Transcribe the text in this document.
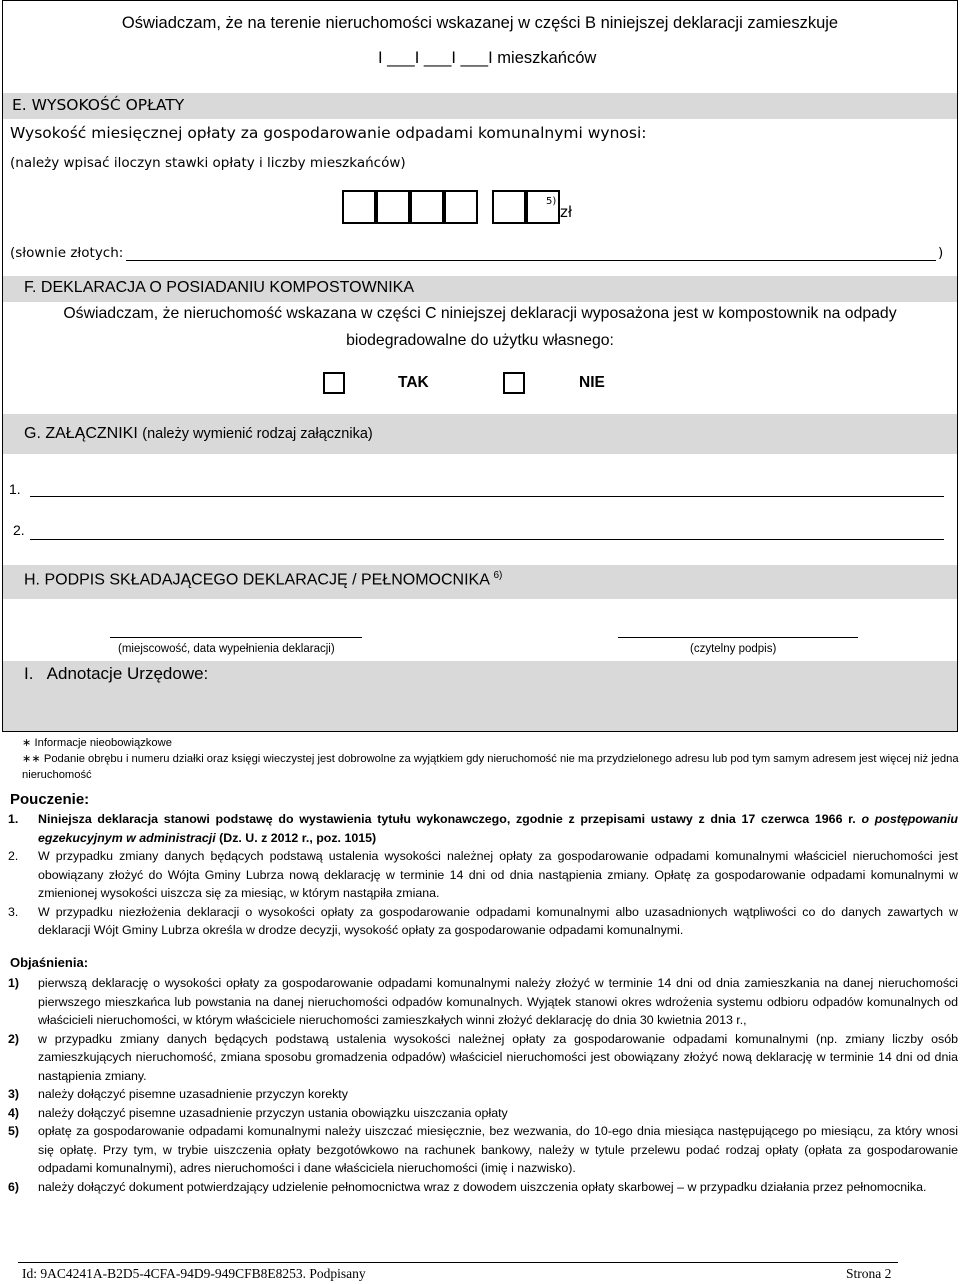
Oświadczam, że na terenie nieruchomości wskazanej w części B niniejszej deklaracji zamieszkuje
I ___I ___I ___I mieszkańców
E. WYSOKOŚĆ OPŁATY
Wysokość miesięcznej opłaty za gospodarowanie odpadami komunalnymi wynosi:
(należy wpisać iloczyn stawki opłaty i liczby mieszkańców)
5)
zł
(słownie złotych:	)
F. DEKLARACJA O POSIADANIU KOMPOSTOWNIKA
Oświadczam, że nieruchomość wskazana w części C niniejszej deklaracji wyposażona jest w kompostownik na odpady
biodegradowalne do użytku własnego:
TAK	NIE
G. ZAŁĄCZNIKI (należy wymienić rodzaj załącznika)
1.
2.
H. PODPIS SKŁADAJĄCEGO DEKLARACJĘ / PEŁNOMOCNIKA $^{6)}$
(miejscowość, data wypełnienia deklaracji)	(czytelny podpis)
I.   Adnotacje Urzędowe:

∗ Informacje nieobowiązkowe

∗∗ Podanie obrębu i numeru działki oraz księgi wieczystej jest dobrowolne za wyjątkiem gdy nieruchomość nie ma przydzielonego adresu lub pod tym samym adresem jest więcej niż jedna nieruchomość

Pouczenie:
1. Niniejsza deklaracja stanowi podstawę do wystawienia tytułu wykonawczego, zgodnie z przepisami ustawy z dnia 17 czerwca 1966 r. o postępowaniu egzekucyjnym w administracji (Dz. U. z 2012 r., poz. 1015)
2. W przypadku zmiany danych będących podstawą ustalenia wysokości należnej opłaty za gospodarowanie odpadami komunalnymi właściciel nieruchomości jest obowiązany złożyć do Wójta Gminy Lubrza nową deklarację w terminie 14 dni od dnia nastąpienia zmiany. Opłatę za gospodarowanie odpadami komunalnymi w zmienionej wysokości uiszcza się za miesiąc, w którym nastąpiła zmiana.
3. W przypadku niezłożenia deklaracji o wysokości opłaty za gospodarowanie odpadami komunalnymi albo uzasadnionych wątpliwości co do danych zawartych w deklaracji Wójt Gminy Lubrza określa w drodze decyzji, wysokość opłaty za gospodarowanie odpadami komunalnymi.
Objaśnienia:
1) pierwszą deklarację o wysokości opłaty za gospodarowanie odpadami komunalnymi należy złożyć w terminie 14 dni od dnia zamieszkania na danej nieruchomości pierwszego mieszkańca lub powstania na danej nieruchomości odpadów komunalnych. Wyjątek stanowi okres wdrożenia systemu odbioru odpadów komunalnych od właścicieli nieruchomości, w którym właściciele nieruchomości zamieszkałych winni złożyć deklarację do dnia 30 kwietnia 2013 r.,
2) w przypadku zmiany danych będących podstawą ustalenia wysokości należnej opłaty za gospodarowanie odpadami komunalnymi (np. zmiany liczby osób zamieszkujących nieruchomość, zmiana sposobu gromadzenia odpadów) właściciel nieruchomości jest obowiązany złożyć nową deklarację w terminie 14 dni od dnia nastąpienia zmiany.
3) należy dołączyć pisemne uzasadnienie przyczyn korekty
4) należy dołączyć pisemne uzasadnienie przyczyn ustania obowiązku uiszczania opłaty
5) opłatę za gospodarowanie odpadami komunalnymi należy uiszczać miesięcznie, bez wezwania, do 10-ego dnia miesiąca następującego po miesiącu, za który wnosi się opłatę. Przy tym, w trybie uiszczenia opłaty bezgotówkowo na rachunek bankowy, należy w tytule przelewu podać rodzaj opłaty (opłata za gospodarowanie odpadami komunalnymi), adres nieruchomości i dane właściciela nieruchomości (imię i nazwisko).
6) należy dołączyć dokument potwierdzający udzielenie pełnomocnictwa wraz z dowodem uiszczenia opłaty skarbowej – w przypadku działania przez pełnomocnika.
Id: 9AC4241A-B2D5-4CFA-94D9-949CFB8E8253. Podpisany	Strona 2
